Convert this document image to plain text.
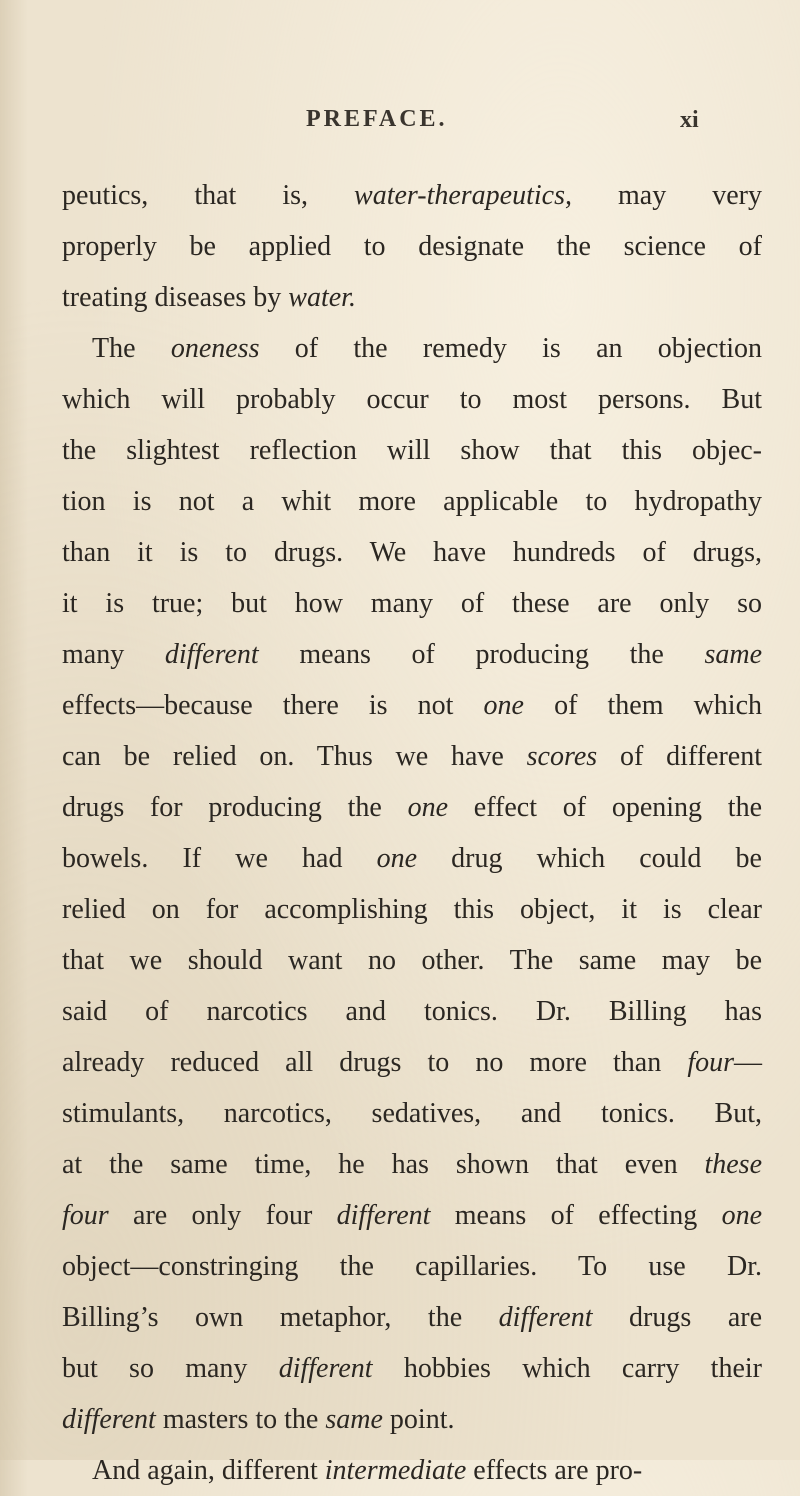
PREFACE.	xi
peutics, that is, water-therapeutics, may very
properly be applied to designate the science of
treating diseases by water.
The oneness of the remedy is an objection
which will probably occur to most persons. But
the slightest reflection will show that this objec-
tion is not a whit more applicable to hydropathy
than it is to drugs. We have hundreds of drugs,
it is true; but how many of these are only so
many different means of producing the same
effects—because there is not one of them which
can be relied on. Thus we have scores of different
drugs for producing the one effect of opening the
bowels. If we had one drug which could be
relied on for accomplishing this object, it is clear
that we should want no other. The same may be
said of narcotics and tonics. Dr. Billing has
already reduced all drugs to no more than four—
stimulants, narcotics, sedatives, and tonics. But,
at the same time, he has shown that even these
four are only four different means of effecting one
object—constringing the capillaries. To use Dr.
Billing’s own metaphor, the different drugs are
but so many different hobbies which carry their
different masters to the same point.
And again, different intermediate effects are pro-
